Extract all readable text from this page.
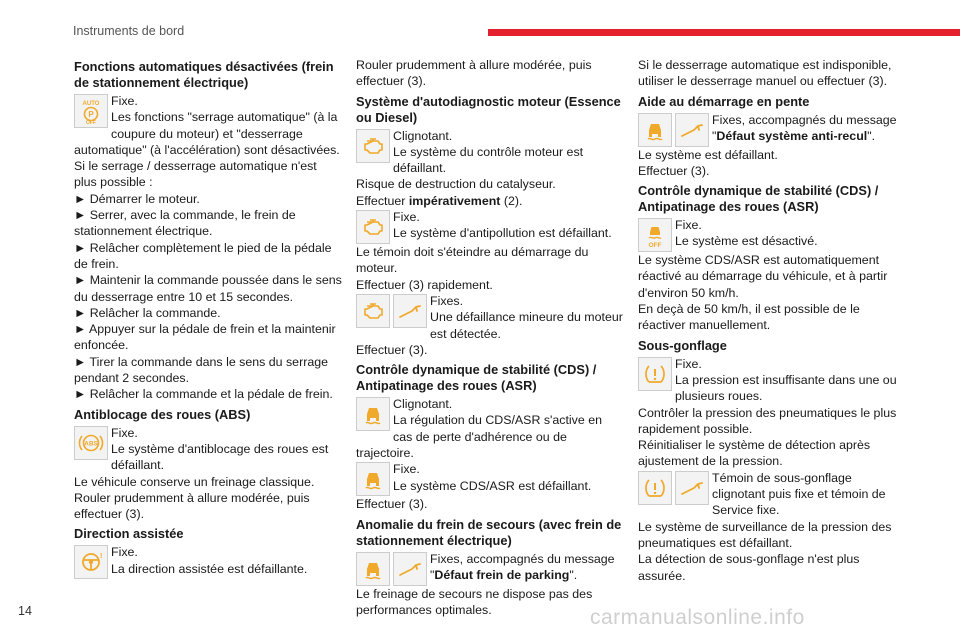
Instruments de bord
Fonctions automatiques désactivées (frein de stationnement électrique)
AUTO
P
OFF
Fixe.
Les fonctions "serrage automatique" (à la coupure du moteur) et "desserrage automatique" (à l'accélération) sont désactivées.

Si le serrage / desserrage automatique n'est plus possible :

► Démarrer le moteur.

► Serrer, avec la commande, le frein de stationnement électrique.

► Relâcher complètement le pied de la pédale de frein.

► Maintenir la commande poussée dans le sens du desserrage entre 10 et 15 secondes.

► Relâcher la commande.

► Appuyer sur la pédale de frein et la maintenir enfoncée.

► Tirer la commande dans le sens du serrage pendant 2 secondes.

► Relâcher la commande et la pédale de frein.

Antiblocage des roues (ABS)
ABS
Fixe.
Le système d'antiblocage des roues est défaillant.

Le véhicule conserve un freinage classique.

Rouler prudemment à allure modérée, puis effectuer (3).

Direction assistée
! Fixe.
La direction assistée est défaillante.

Rouler prudemment à allure modérée, puis effectuer (3).

Système d'autodiagnostic moteur (Essence ou Diesel)
Clignotant.
Le système du contrôle moteur est défaillant.

Risque de destruction du catalyseur.

Effectuer impérativement (2).

Fixe.
Le système d'antipollution est défaillant.

Le témoin doit s'éteindre au démarrage du moteur.

Effectuer (3) rapidement.

Fixes.
Une défaillance mineure du moteur est détectée.

Effectuer (3).

Contrôle dynamique de stabilité (CDS) / Antipatinage des roues (ASR)
Clignotant.
La régulation du CDS/ASR s'active en cas de perte d'adhérence ou de trajectoire.
Fixe.
Le système CDS/ASR est défaillant.

Effectuer (3).

Anomalie du frein de secours (avec frein de stationnement électrique)
Fixes, accompagnés du message
"Défaut frein de parking".

Le freinage de secours ne dispose pas des performances optimales.

Si le desserrage automatique est indisponible, utiliser le desserrage manuel ou effectuer (3).

Aide au démarrage en pente
Fixes, accompagnés du message
"Défaut système anti-recul".

Le système est défaillant.

Effectuer (3).

Contrôle dynamique de stabilité (CDS) / Antipatinage des roues (ASR)
OFF
Fixe.
Le système est désactivé.

Le système CDS/ASR est automatiquement réactivé au démarrage du véhicule, et à partir d'environ 50 km/h.

En deçà de 50 km/h, il est possible de le réactiver manuellement.

Sous-gonflage
Fixe.
La pression est insuffisante dans une ou plusieurs roues.

Contrôler la pression des pneumatiques le plus rapidement possible.

Réinitialiser le système de détection après ajustement de la pression.

Témoin de sous-gonflage clignotant puis fixe et témoin de Service fixe.

Le système de surveillance de la pression des pneumatiques est défaillant.

La détection de sous-gonflage n'est plus assurée.

14	carmanualsonline.info
